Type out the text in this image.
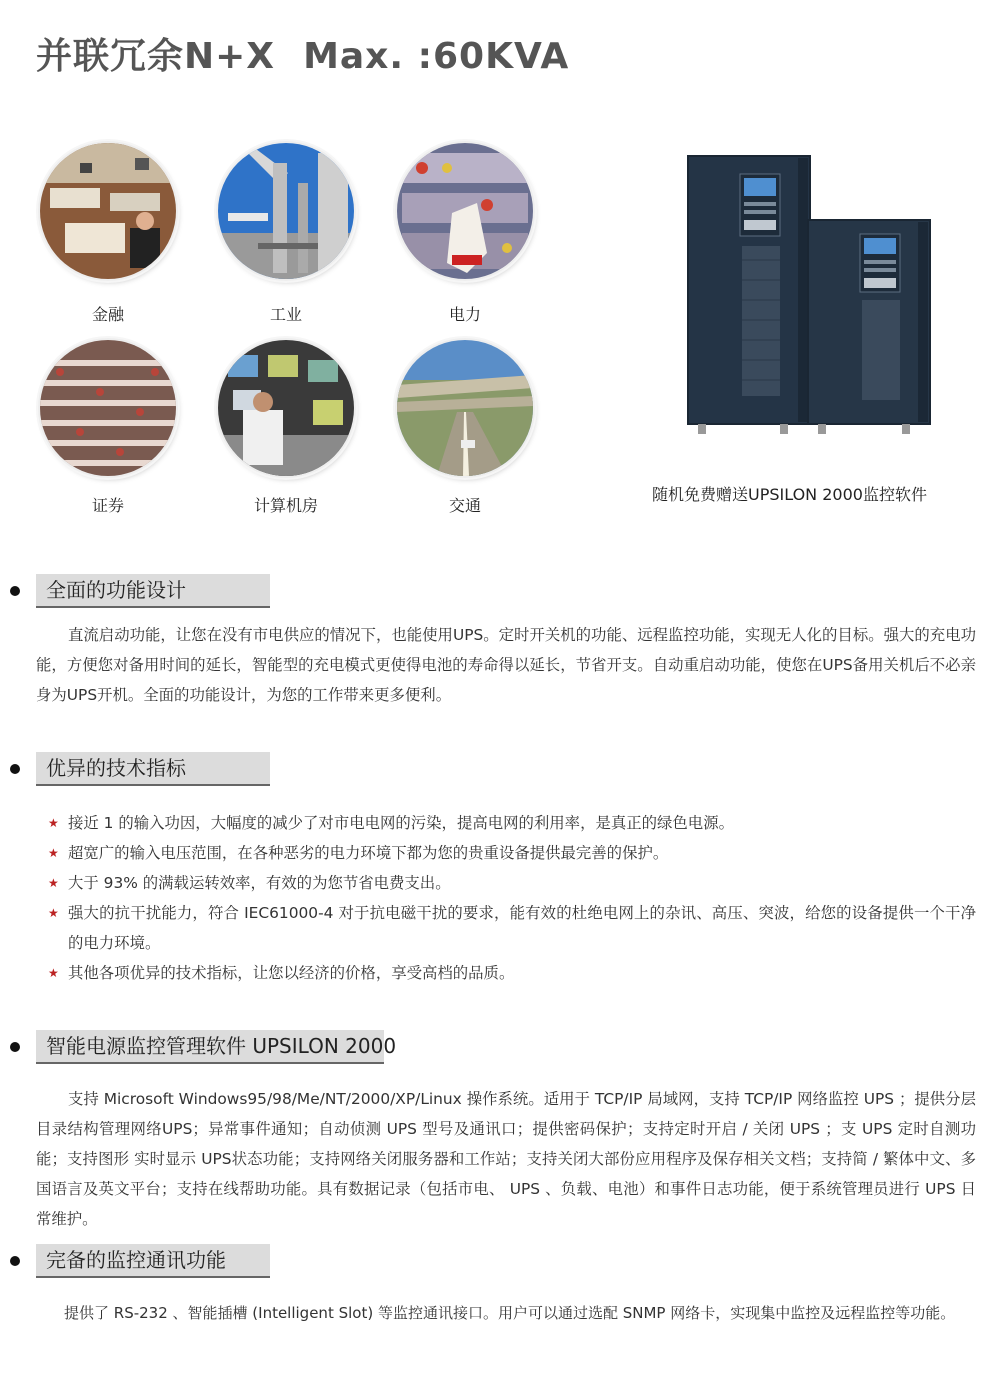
并联冗余N+X Max. :60KVA
金融	工业	电力
证券	计算机房	交通
随机免费赠送UPSILON 2000监控软件
全面的功能设计
直流启动功能，让您在没有市电供应的情况下，也能使用UPS。定时开关机的功能、远程监控功能，实现无人化的目标。强大的充电功能，方便您对备用时间的延长，智能型的充电模式更使得电池的寿命得以延长，节省开支。自动重启动功能，使您在UPS备用关机后不必亲身为UPS开机。全面的功能设计，为您的工作带来更多便利。
优异的技术指标
★ 接近 1 的输入功因，大幅度的减少了对市电电网的污染，提高电网的利用率，是真正的绿色电源。
★ 超宽广的输入电压范围，在各种恶劣的电力环境下都为您的贵重设备提供最完善的保护。
★ 大于 93% 的满载运转效率，有效的为您节省电费支出。
★ 强大的抗干扰能力，符合 IEC61000-4 对于抗电磁干扰的要求，能有效的杜绝电网上的杂讯、高压、突波，给您的设备提供一个干净的电力环境。
★ 其他各项优异的技术指标，让您以经济的价格，享受高档的品质。
智能电源监控管理软件 UPSILON 2000
支持 Microsoft Windows95/98/Me/NT/2000/XP/Linux 操作系统。适用于 TCP/IP 局域网，支持 TCP/IP 网络监控 UPS ；提供分层目录结构管理网络UPS；异常事件通知；自动侦测 UPS 型号及通讯口；提供密码保护；支持定时开启 / 关闭 UPS ；支 UPS 定时自测功能；支持图形 实时显示 UPS状态功能；支持网络关闭服务器和工作站；支持关闭大部份应用程序及保存相关文档；支持简 / 繁体中文、多国语言及英文平台；支持在线帮助功能。具有数据记录（包括市电、 UPS 、负载、电池）和事件日志功能，便于系统管理员进行 UPS 日常维护。
完备的监控通讯功能
提供了 RS-232 、智能插槽 (Intelligent Slot) 等监控通讯接口。用户可以通过选配 SNMP 网络卡，实现集中监控及远程监控等功能。
